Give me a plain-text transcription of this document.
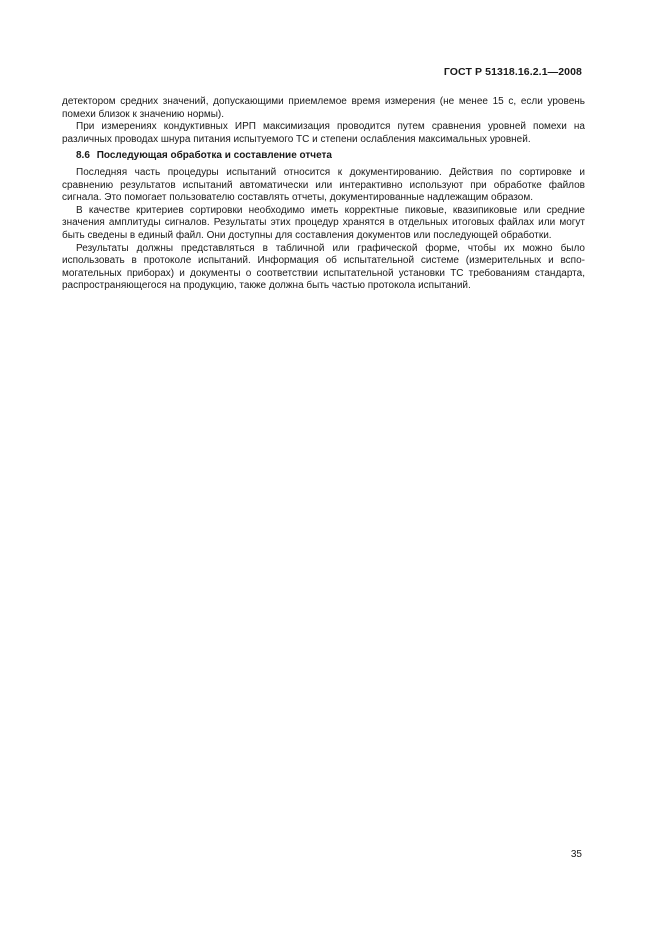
ГОСТ Р 51318.16.2.1—2008

детектором средних значений, допускающими приемлемое время измерения (не менее 15 с, если уровень помехи близок к значению нормы).

При измерениях кондуктивных ИРП максимизация проводится путем сравнения уровней помехи на различных проводах шнура питания испытуемого ТС и степени ослабления максимальных уровней.

8.6 Последующая обработка и составление отчета

Последняя часть процедуры испытаний относится к документированию. Действия по сортировке и сравнению результатов испытаний автоматически или интерактивно используют при обработке файлов сигнала. Это помогает пользователю составлять отчеты, документированные надлежащим образом.

В качестве критериев сортировки необходимо иметь корректные пиковые, квазипиковые или средние значения амплитуды сигналов. Результаты этих процедур хранятся в отдельных итоговых файлах или могут быть сведены в единый файл. Они доступны для составления документов или последующей обработки.

Результаты должны представляться в табличной или графической форме, чтобы их можно было использовать в протоколе испытаний. Информация об испытательной системе (измерительных и вспомогательных приборах) и документы о соответствии испытательной установки ТС требованиям стандарта, распространяющегося на продукцию, также должна быть частью протокола испытаний.

35
